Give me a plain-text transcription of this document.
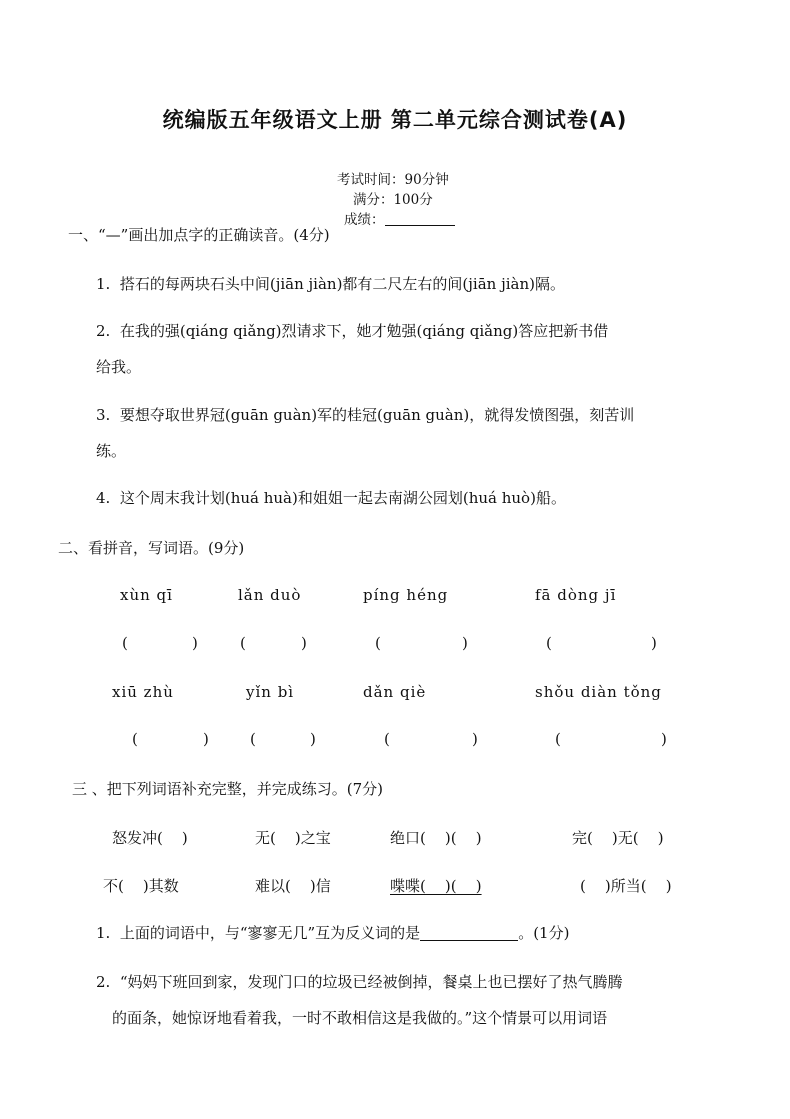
统编版五年级语文上册 第二单元综合测试卷(A)

考试时间：90分钟
满分：100分
成绩：

一、“—”画出加点字的正确读音。(4分)
1.  搭石的每两块石头中间(jiān jiàn)都有二尺左右的间(jiān jiàn)隔。
2.  在我的强(qiáng qiǎng)烈请求下，她才勉强(qiáng qiǎng)答应把新书借
给我。
3.  要想夺取世界冠(guān guàn)军的桂冠(guān guàn)，就得发愤图强，刻苦训
练。
4.  这个周末我计划(huá huà)和姐姐一起去南湖公园划(huá huò)船。
二、看拼音，写词语。(9分)
xùn qī	lǎn duò	píng héng	fā dòng jī
(	)	(	)	(	)	(	)
xiū zhù	yǐn bì	dǎn qiè	shǒu diàn tǒng
(	)	(	)	(	)	(	)
三 、把下列词语补充完整，并完成练习。(7分)
怒发冲(    )	无(    )之宝	绝口(    )(    )	完(    )无(    )
不(    )其数	难以(    )信	喋喋(    )(    )	(    )所当(    )
1.  上面的词语中，与“寥寥无几”互为反义词的是	。(1分)
2.  “妈妈下班回到家，发现门口的垃圾已经被倒掉，餐桌上也已摆好了热气腾腾
的面条，她惊讶地看着我，一时不敢相信这是我做的。”这个情景可以用词语
